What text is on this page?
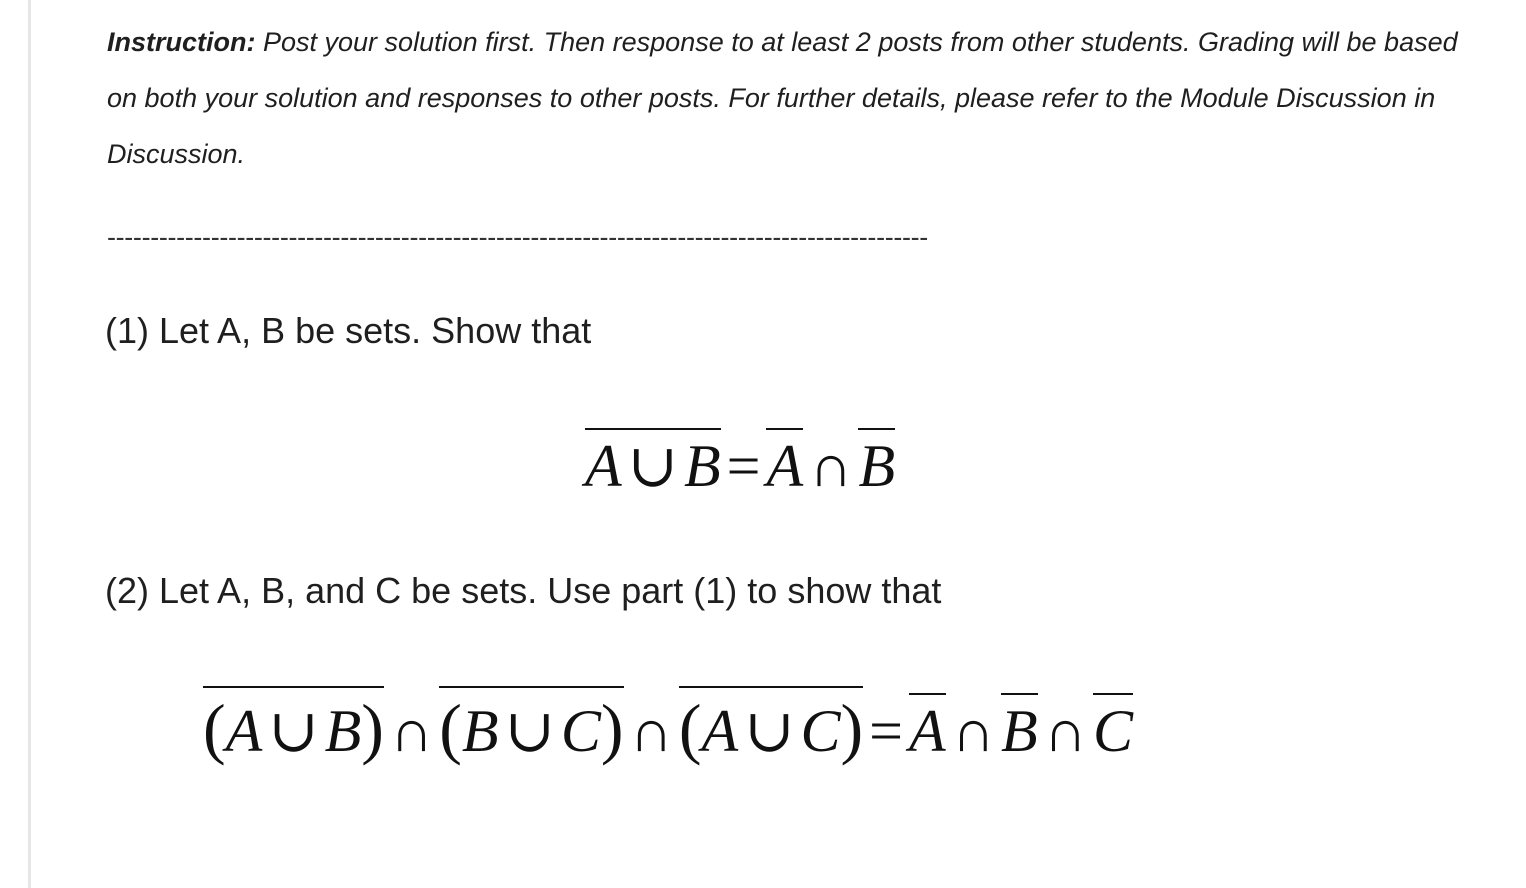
Instruction: Post your solution first. Then response to at least 2 posts from other students. Grading will be based on both your solution and responses to other posts. For further details, please refer to the Module Discussion in Discussion.

-----------------------------------------------------------------------------------------------

(1) Let A, B be sets. Show that

A ∪ B = A ∩ B

(2) Let A, B, and C be sets. Use part (1) to show that

(A ∪ B) ∩(B ∪ C) ∩(A ∪ C) = A ∩ B ∩ C
